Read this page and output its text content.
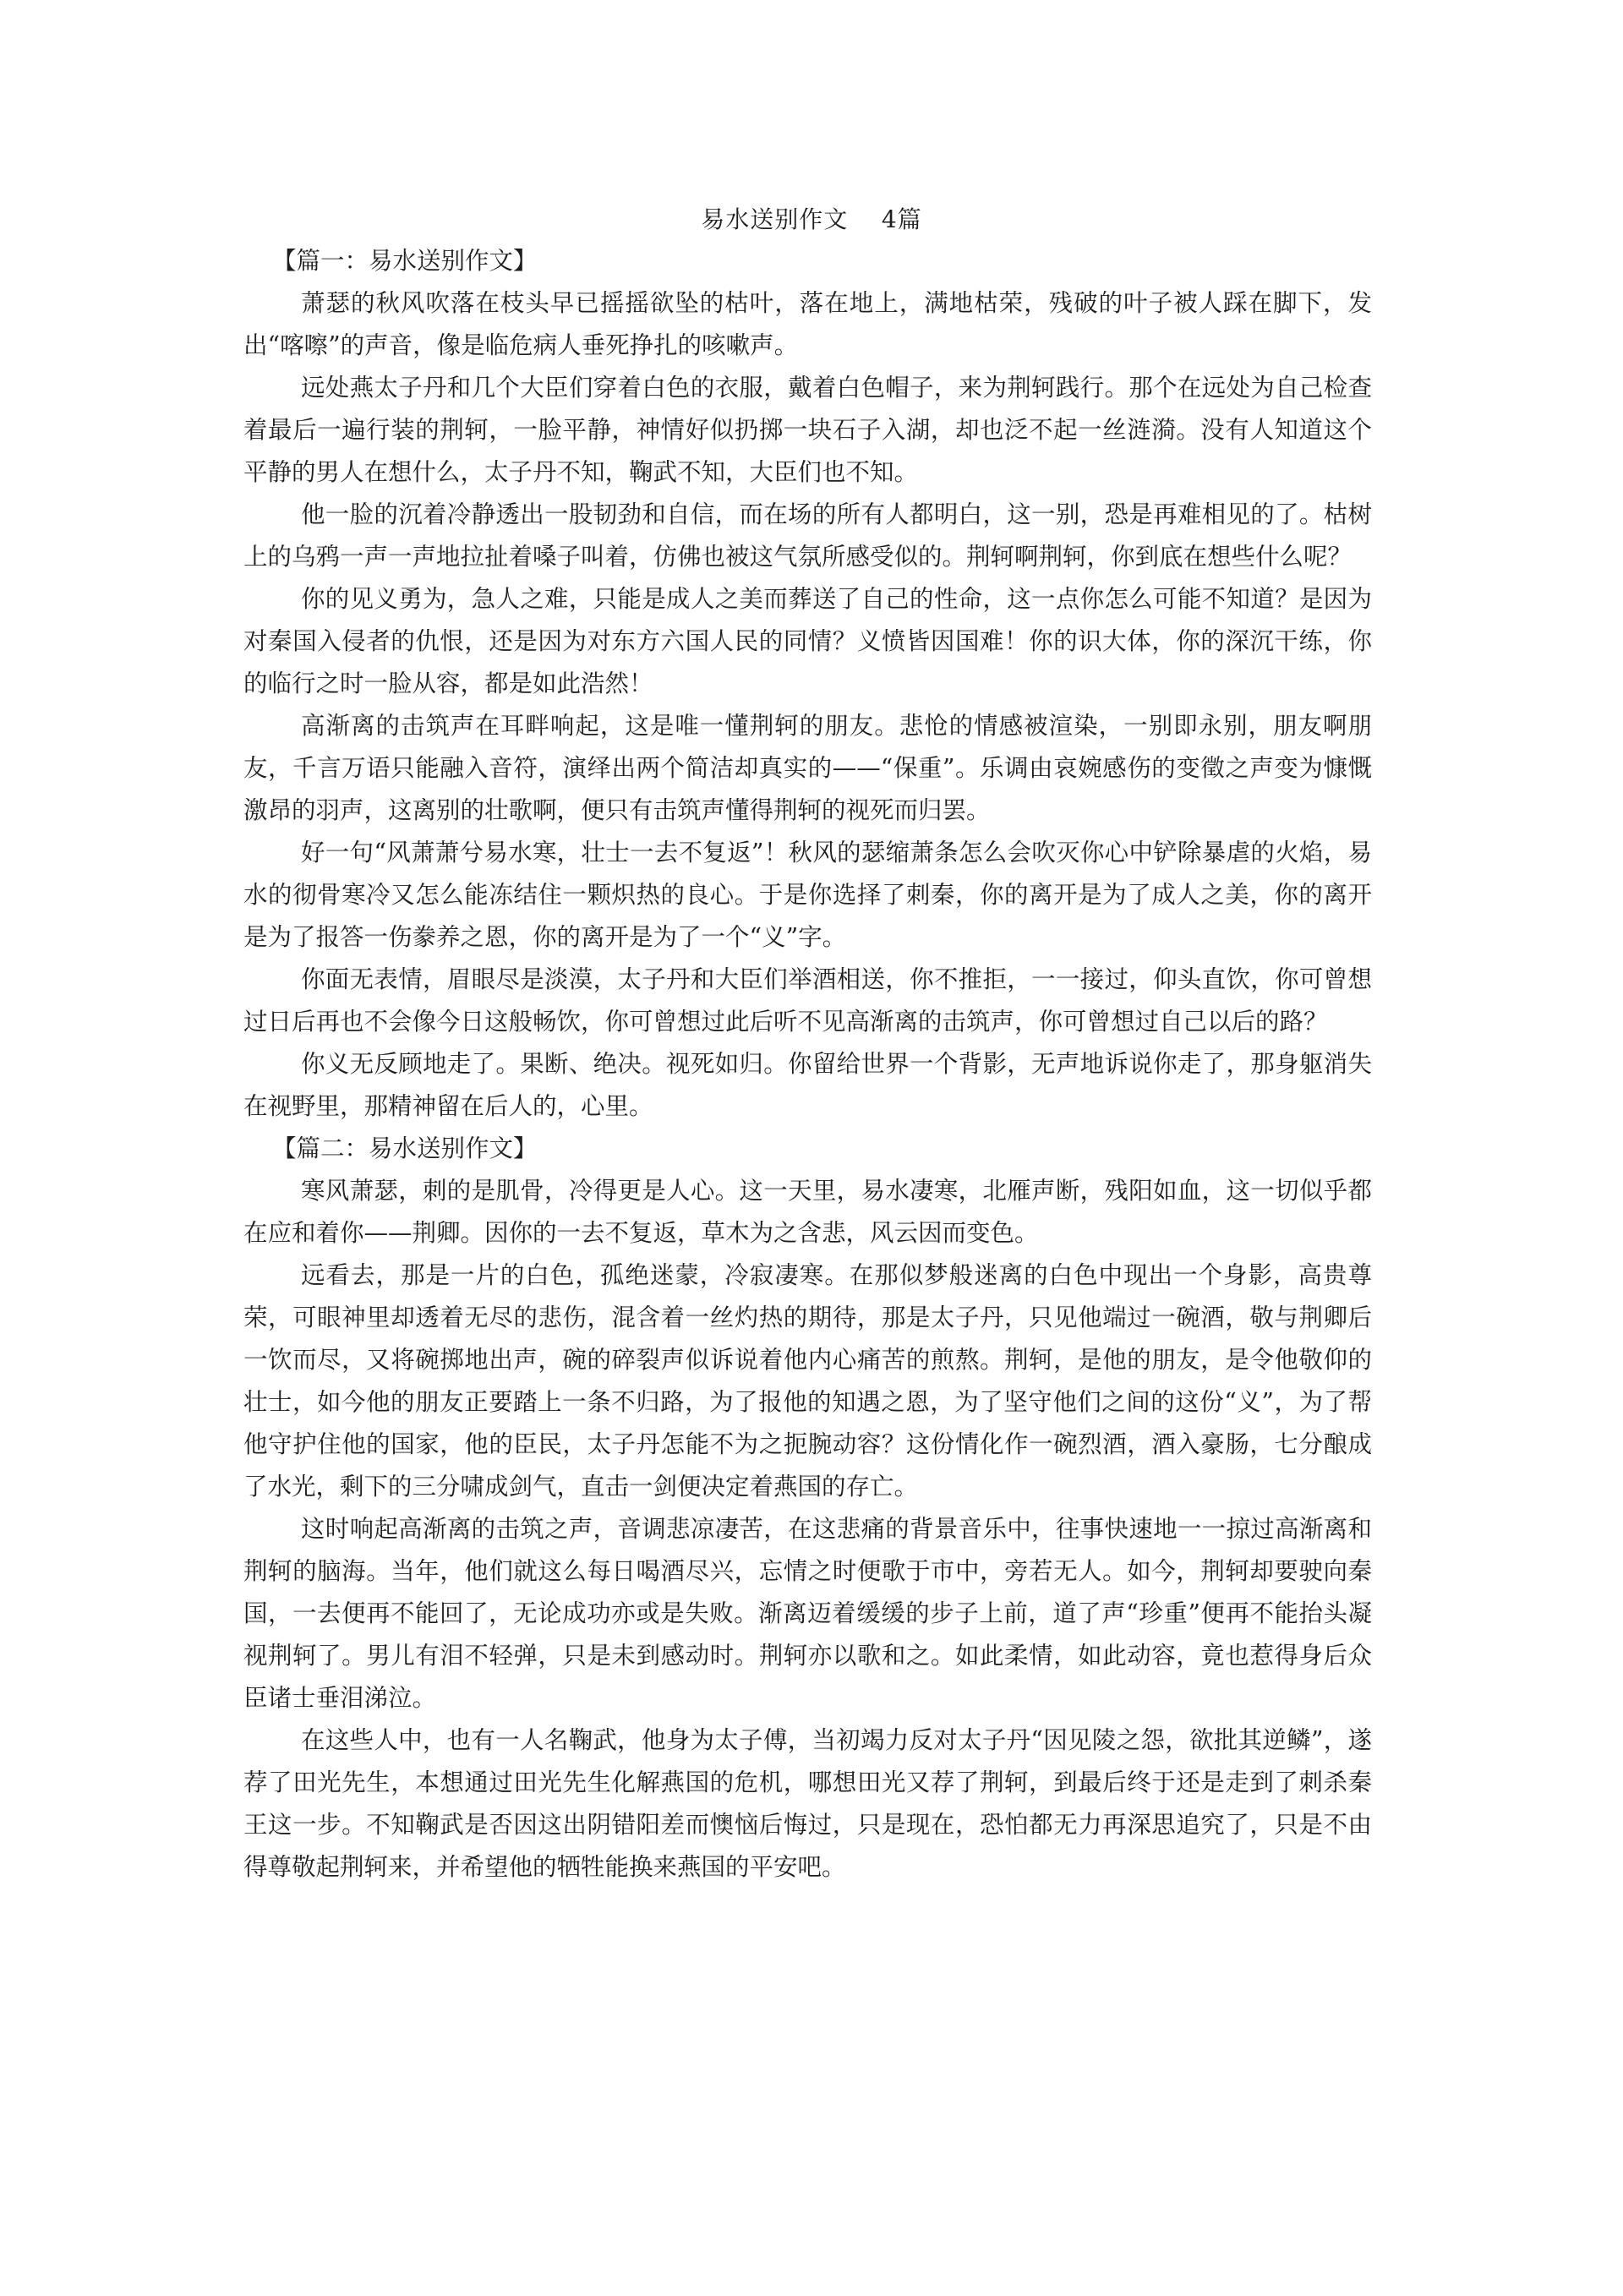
易水送别作文    4篇
【篇一：易水送别作文】

萧瑟的秋风吹落在枝头早已摇摇欲坠的枯叶，落在地上，满地枯荣，残破的叶子被人踩在脚下，发出“喀嚓”的声音，像是临危病人垂死挣扎的咳嗽声。

远处燕太子丹和几个大臣们穿着白色的衣服，戴着白色帽子，来为荆轲践行。那个在远处为自己检查着最后一遍行装的荆轲，一脸平静，神情好似扔掷一块石子入湖，却也泛不起一丝涟漪。没有人知道这个平静的男人在想什么，太子丹不知，鞠武不知，大臣们也不知。

他一脸的沉着冷静透出一股韧劲和自信，而在场的所有人都明白，这一别，恐是再难相见的了。枯树上的乌鸦一声一声地拉扯着嗓子叫着，仿佛也被这气氛所感受似的。荆轲啊荆轲，你到底在想些什么呢？

你的见义勇为，急人之难，只能是成人之美而葬送了自己的性命，这一点你怎么可能不知道？是因为对秦国入侵者的仇恨，还是因为对东方六国人民的同情？义愤皆因国难！你的识大体，你的深沉干练，你的临行之时一脸从容，都是如此浩然！

高渐离的击筑声在耳畔响起，这是唯一懂荆轲的朋友。悲怆的情感被渲染，一别即永别，朋友啊朋友，千言万语只能融入音符，演绎出两个简洁却真实的——“保重”。乐调由哀婉感伤的变徵之声变为慷慨激昂的羽声，这离别的壮歌啊，便只有击筑声懂得荆轲的视死而归罢。

好一句“风萧萧兮易水寒，壮士一去不复返”！秋风的瑟缩萧条怎么会吹灭你心中铲除暴虐的火焰，易水的彻骨寒冷又怎么能冻结住一颗炽热的良心。于是你选择了刺秦，你的离开是为了成人之美，你的离开是为了报答一伤豢养之恩，你的离开是为了一个“义”字。

你面无表情，眉眼尽是淡漠，太子丹和大臣们举酒相送，你不推拒，一一接过，仰头直饮，你可曾想过日后再也不会像今日这般畅饮，你可曾想过此后听不见高渐离的击筑声，你可曾想过自己以后的路？

你义无反顾地走了。果断、绝决。视死如归。你留给世界一个背影，无声地诉说你走了，那身躯消失在视野里，那精神留在后人的，心里。

【篇二：易水送别作文】

寒风萧瑟，刺的是肌骨，冷得更是人心。这一天里，易水凄寒，北雁声断，残阳如血，这一切似乎都在应和着你——荆卿。因你的一去不复返，草木为之含悲，风云因而变色。

远看去，那是一片的白色，孤绝迷蒙，冷寂凄寒。在那似梦般迷离的白色中现出一个身影，高贵尊荣，可眼神里却透着无尽的悲伤，混含着一丝灼热的期待，那是太子丹，只见他端过一碗酒，敬与荆卿后一饮而尽，又将碗掷地出声，碗的碎裂声似诉说着他内心痛苦的煎熬。荆轲，是他的朋友，是令他敬仰的壮士，如今他的朋友正要踏上一条不归路，为了报他的知遇之恩，为了坚守他们之间的这份“义”，为了帮他守护住他的国家，他的臣民，太子丹怎能不为之扼腕动容？这份情化作一碗烈酒，酒入豪肠，七分酿成了水光，剩下的三分啸成剑气，直击一剑便决定着燕国的存亡。

这时响起高渐离的击筑之声，音调悲凉凄苦，在这悲痛的背景音乐中，往事快速地一一掠过高渐离和荆轲的脑海。当年，他们就这么每日喝酒尽兴，忘情之时便歌于市中，旁若无人。如今，荆轲却要驶向秦国，一去便再不能回了，无论成功亦或是失败。渐离迈着缓缓的步子上前，道了声“珍重”便再不能抬头凝视荆轲了。男儿有泪不轻弹，只是未到感动时。荆轲亦以歌和之。如此柔情，如此动容，竟也惹得身后众臣诸士垂泪涕泣。

在这些人中，也有一人名鞠武，他身为太子傅，当初竭力反对太子丹“因见陵之怨，欲批其逆鳞”，遂荐了田光先生，本想通过田光先生化解燕国的危机，哪想田光又荐了荆轲，到最后终于还是走到了刺杀秦王这一步。不知鞠武是否因这出阴错阳差而懊恼后悔过，只是现在，恐怕都无力再深思追究了，只是不由得尊敬起荆轲来，并希望他的牺牲能换来燕国的平安吧。
